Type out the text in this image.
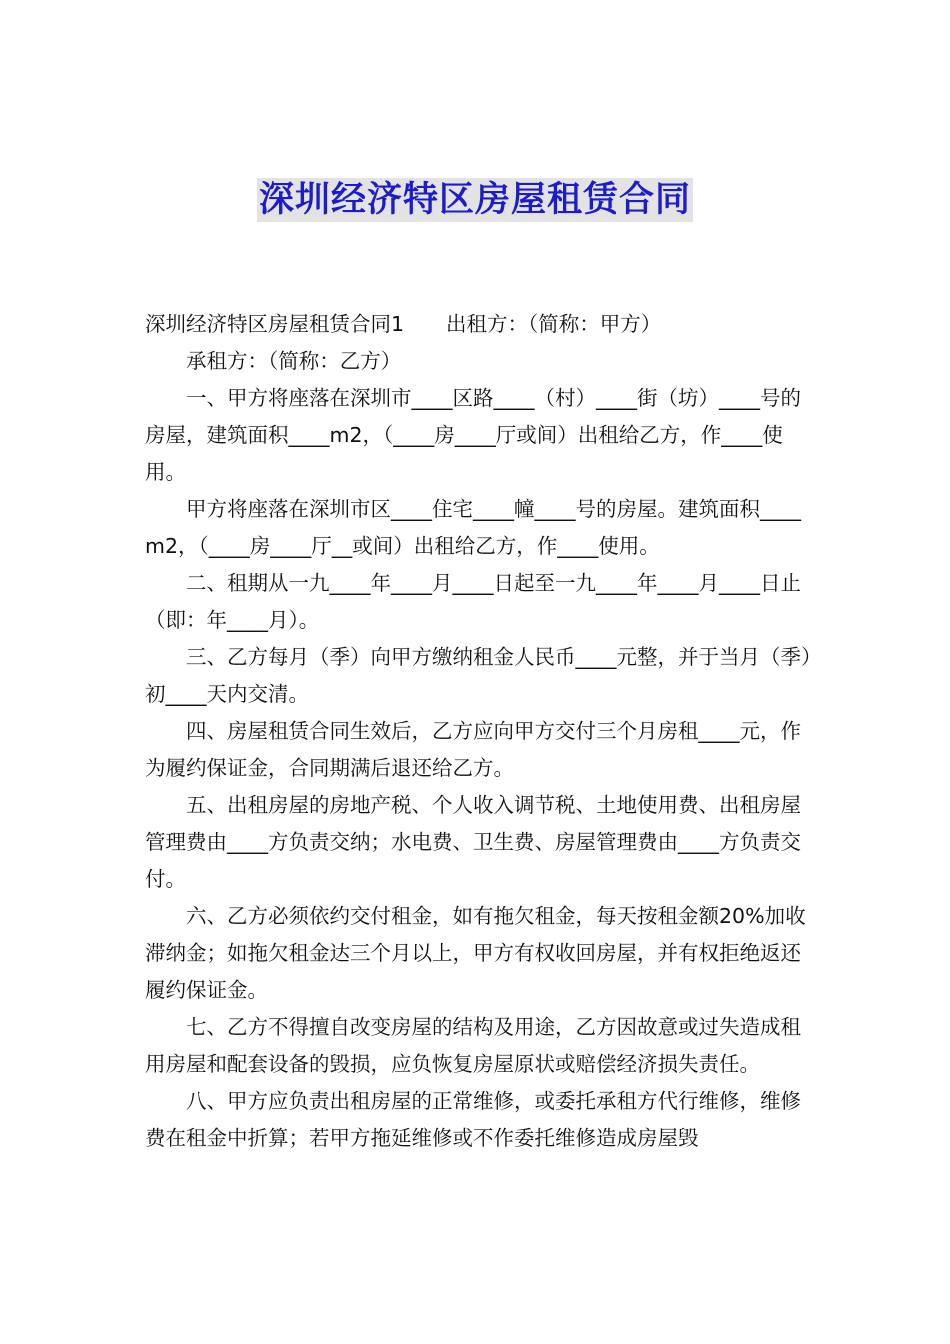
深圳经济特区房屋租赁合同

深圳经济特区房屋租赁合同1 出租方：（简称：甲方）

承租方：（简称：乙方）

一、甲方将座落在深圳市____区路____（村）____街（坊）____号的房屋，建筑面积____m2，（____房____厅或间）出租给乙方，作____使用。

甲方将座落在深圳市区____住宅____幢____号的房屋。建筑面积____m2，（____房____厅__或间）出租给乙方，作____使用。

二、租期从一九____年____月____日起至一九____年____月____日止（即：年____月）。

三、乙方每月（季）向甲方缴纳租金人民币____元整，并于当月（季）初____天内交清。

四、房屋租赁合同生效后，乙方应向甲方交付三个月房租____元，作为履约保证金，合同期满后退还给乙方。

五、出租房屋的房地产税、个人收入调节税、土地使用费、出租房屋管理费由____方负责交纳；水电费、卫生费、房屋管理费由____方负责交付。

六、乙方必须依约交付租金，如有拖欠租金，每天按租金额20%加收滞纳金；如拖欠租金达三个月以上，甲方有权收回房屋，并有权拒绝返还履约保证金。

七、乙方不得擅自改变房屋的结构及用途，乙方因故意或过失造成租用房屋和配套设备的毁损，应负恢复房屋原状或赔偿经济损失责任。

八、甲方应负责出租房屋的正常维修，或委托承租方代行维修，维修费在租金中折算；若甲方拖延维修或不作委托维修造成房屋毁
